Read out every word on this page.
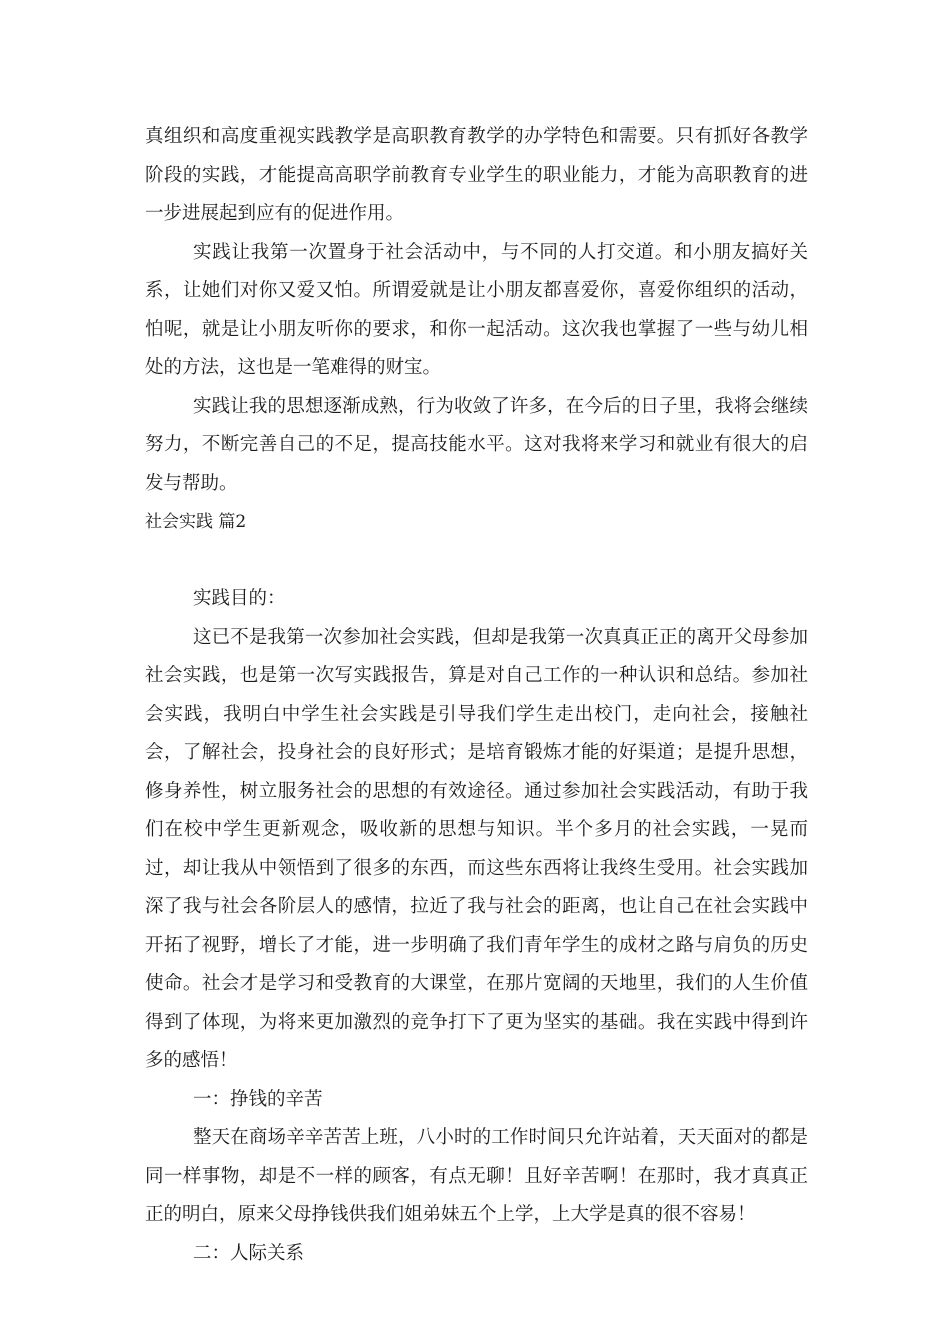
真组织和高度重视实践教学是高职教育教学的办学特色和需要。只有抓好各教学阶段的实践，才能提高高职学前教育专业学生的职业能力，才能为高职教育的进一步进展起到应有的促进作用。

实践让我第一次置身于社会活动中，与不同的人打交道。和小朋友搞好关系，让她们对你又爱又怕。所谓爱就是让小朋友都喜爱你，喜爱你组织的活动，怕呢，就是让小朋友听你的要求，和你一起活动。这次我也掌握了一些与幼儿相处的方法，这也是一笔难得的财宝。

实践让我的思想逐渐成熟，行为收敛了许多，在今后的日子里，我将会继续努力，不断完善自己的不足，提高技能水平。这对我将来学习和就业有很大的启发与帮助。

社会实践 篇2

实践目的：

这已不是我第一次参加社会实践，但却是我第一次真真正正的离开父母参加社会实践，也是第一次写实践报告，算是对自己工作的一种认识和总结。参加社会实践，我明白中学生社会实践是引导我们学生走出校门，走向社会，接触社会，了解社会，投身社会的良好形式；是培育锻炼才能的好渠道；是提升思想，修身养性，树立服务社会的思想的有效途径。通过参加社会实践活动，有助于我们在校中学生更新观念，吸收新的思想与知识。半个多月的社会实践，一晃而过，却让我从中领悟到了很多的东西，而这些东西将让我终生受用。社会实践加深了我与社会各阶层人的感情，拉近了我与社会的距离，也让自己在社会实践中开拓了视野，增长了才能，进一步明确了我们青年学生的成材之路与肩负的历史使命。社会才是学习和受教育的大课堂，在那片宽阔的天地里，我们的人生价值得到了体现，为将来更加激烈的竞争打下了更为坚实的基础。我在实践中得到许多的感悟！

一：挣钱的辛苦

整天在商场辛辛苦苦上班，八小时的工作时间只允许站着，天天面对的都是同一样事物，却是不一样的顾客，有点无聊！且好辛苦啊！在那时，我才真真正正的明白，原来父母挣钱供我们姐弟妹五个上学，上大学是真的很不容易！

二：人际关系
